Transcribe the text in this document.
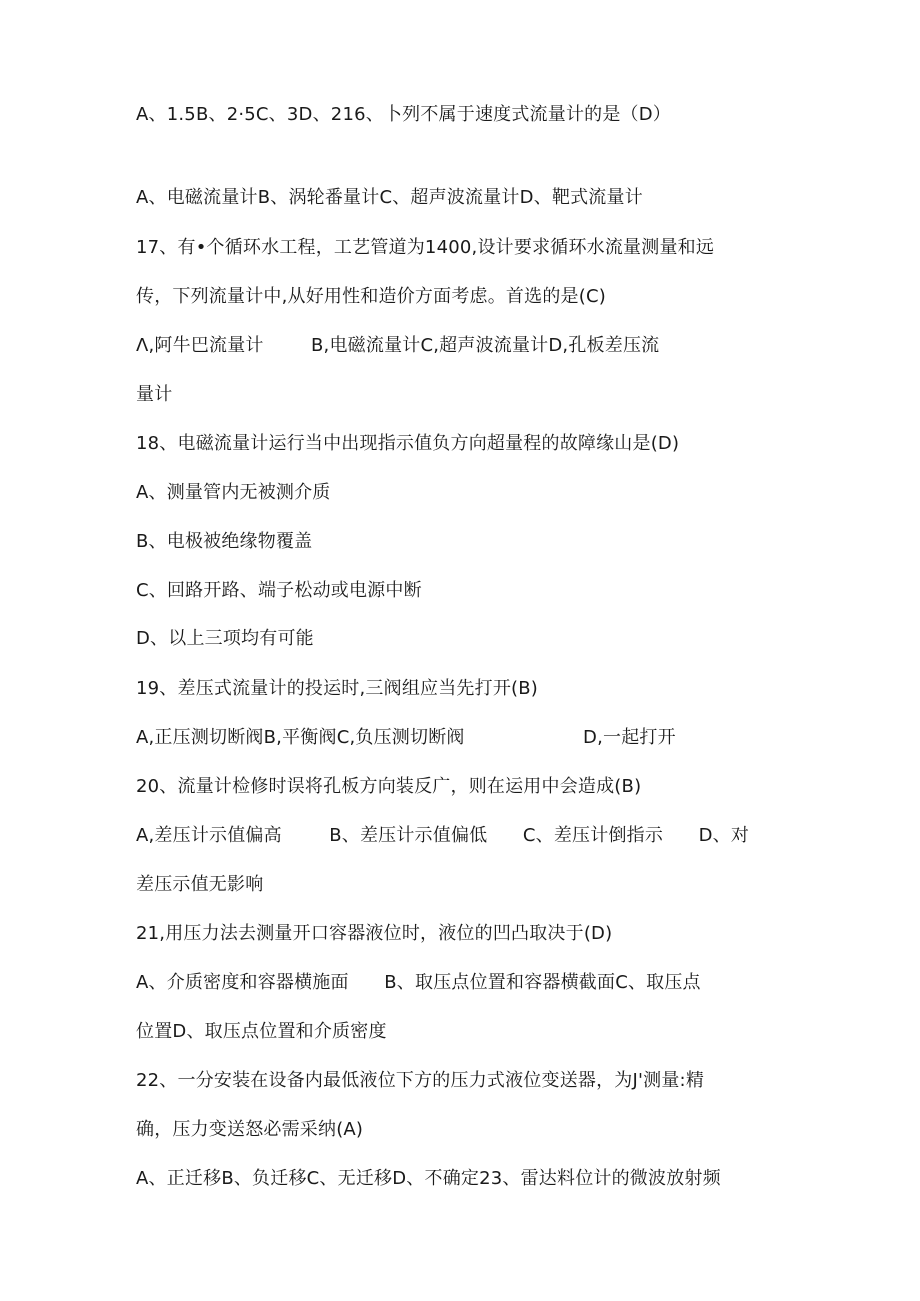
A、1.5B、2·5C、3D、216、卜列不属于速度式流量计的是（D）
A、电磁流量计B、涡轮番量计C、超声波流量计D、靶式流量计
17、有•个循环水工程，工艺管道为1400,设计要求循环水流量测量和远
传，下列流量计中,从好用性和造价方面考虑。首选的是(C)
Λ,阿牛巴流量计        B,电磁流量计C,超声波流量计D,孔板差压流
量计
18、电磁流量计运行当中出现指示值负方向超量程的故障缘山是(D)
A、测量管内无被测介质
B、电极被绝缘物覆盖
C、回路开路、端子松动或电源中断
D、以上三项均有可能
19、差压式流量计的投运时,三阀组应当先打开(B)
A,正压测切断阀B,平衡阀C,负压测切断阀                    D,一起打开
20、流量计检修时误将孔板方向装反广，则在运用中会造成(B)
A,差压计示值偏高        B、差压计示值偏低      C、差压计倒指示      D、对
差压示值无影响
21,用压力法去测量开口容器液位时，液位的凹凸取决于(D)
A、介质密度和容器横施面      B、取压点位置和容器横截面C、取压点
位置D、取压点位置和介质密度
22、一分安装在设备内最低液位下方的压力式液位变送器，为J'测量:精
确，压力变送怒必需采纳(A)
A、正迁移B、负迁移C、无迁移D、不确定23、雷达料位计的微波放射频
